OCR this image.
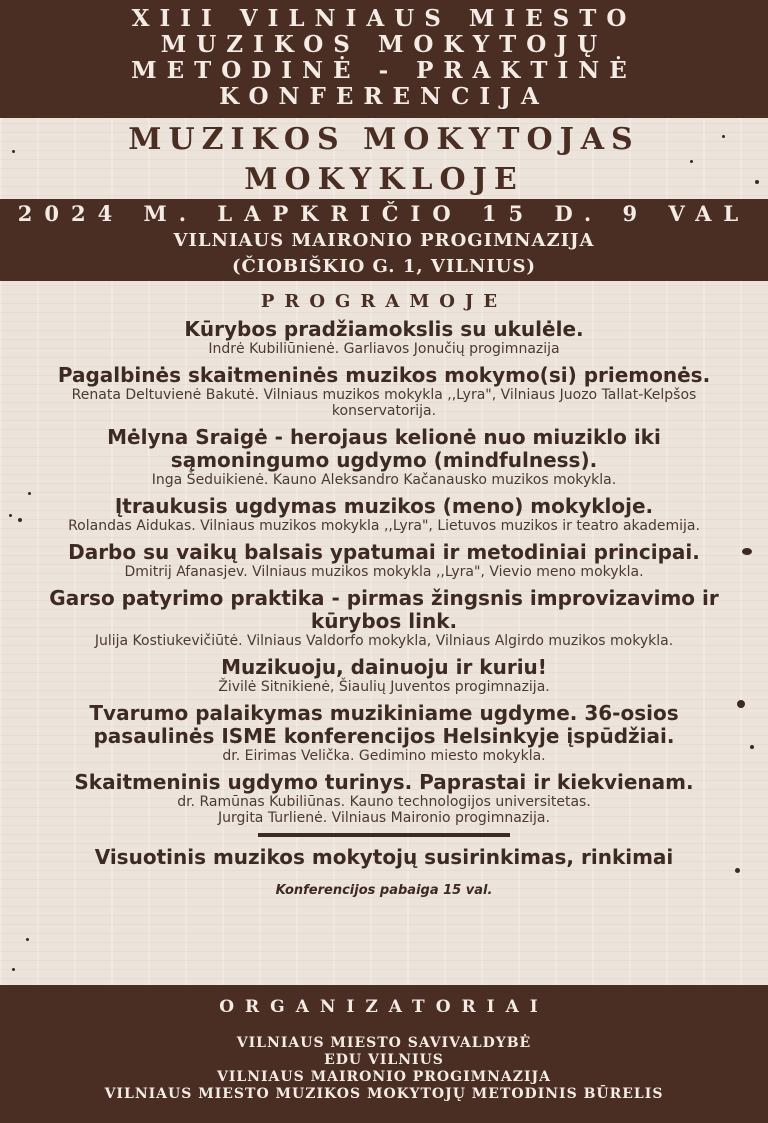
XIII VILNIAUS MIESTO
MUZIKOS MOKYTOJŲ
METODINĖ - PRAKTINĖ
KONFERENCIJA
MUZIKOS MOKYTOJAS
MOKYKLOJE
2024 M. LAPKRIČIO 15 D. 9 VAL
VILNIAUS MAIRONIO PROGIMNAZIJA
(ČIOBIŠKIO G. 1, VILNIUS)
PROGRAMOJE
Kūrybos pradžiamokslis su ukulėle.
Indrė Kubiliūnienė. Garliavos Jonučių progimnazija
Pagalbinės skaitmeninės muzikos mokymo(si) priemonės.
Renata Deltuvienė Bakutė. Vilniaus muzikos mokykla ,,Lyra", Vilniaus Juozo Tallat-Kelpšos konservatorija.
Mėlyna Sraigė - herojaus kelionė nuo miuziklo iki sąmoningumo ugdymo (mindfulness).
Inga Šeduikienė. Kauno Aleksandro Kačanausko muzikos mokykla.
Įtraukusis ugdymas muzikos (meno) mokykloje.
Rolandas Aidukas. Vilniaus muzikos mokykla ,,Lyra", Lietuvos muzikos ir teatro akademija.
Darbo su vaikų balsais ypatumai ir metodiniai principai.
Dmitrij Afanasjev. Vilniaus muzikos mokykla ,,Lyra", Vievio meno mokykla.
Garso patyrimo praktika - pirmas žingsnis improvizavimo ir kūrybos link.
Julija Kostiukevičiūtė. Vilniaus Valdorfo mokykla, Vilniaus Algirdo muzikos mokykla.
Muzikuoju, dainuoju ir kuriu!
Živilė Sitnikienė, Šiaulių Juventos progimnazija.
Tvarumo palaikymas muzikiniame ugdyme. 36-osios pasaulinės ISME konferencijos Helsinkyje įspūdžiai.
dr. Eirimas Velička. Gedimino miesto mokykla.
Skaitmeninis ugdymo turinys. Paprastai ir kiekvienam.
dr. Ramūnas Kubiliūnas. Kauno technologijos universitetas.
Jurgita Turlienė. Vilniaus Maironio progimnazija.
Visuotinis muzikos mokytojų susirinkimas, rinkimai
Konferencijos pabaiga 15 val.
ORGANIZATORIAI
VILNIAUS MIESTO SAVIVALDYBĖ
EDU VILNIUS
VILNIAUS MAIRONIO PROGIMNAZIJA
VILNIAUS MIESTO MUZIKOS MOKYTOJŲ METODINIS BŪRELIS
